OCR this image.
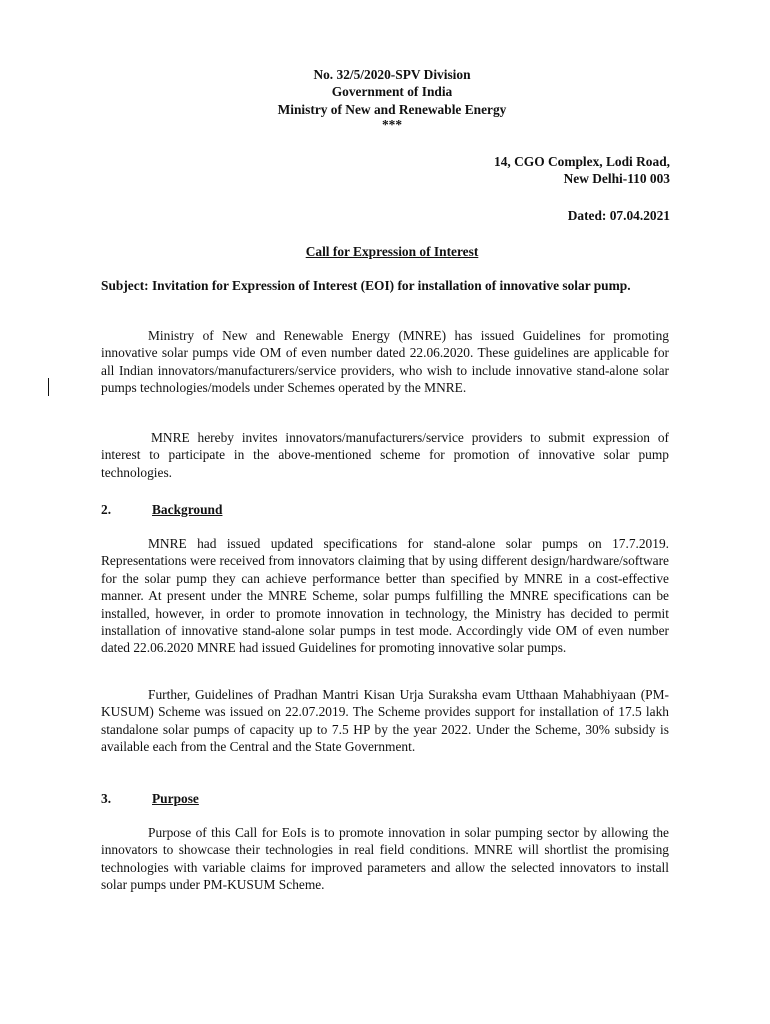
No. 32/5/2020-SPV Division
Government of India
Ministry of New and Renewable Energy
***
14, CGO Complex, Lodi Road,
New Delhi-110 003
Dated: 07.04.2021
Call for Expression of Interest
Subject: Invitation for Expression of Interest (EOI) for installation of innovative solar pump.

Ministry of New and Renewable Energy (MNRE) has issued Guidelines for promoting innovative solar pumps vide OM of even number dated 22.06.2020. These guidelines are applicable for all Indian innovators/manufacturers/service providers, who wish to include innovative stand-alone solar pumps technologies/models under Schemes operated by the MNRE.

MNRE hereby invites innovators/manufacturers/service providers to submit expression of interest to participate in the above-mentioned scheme for promotion of innovative solar pump technologies.

2.	Background

MNRE had issued updated specifications for stand-alone solar pumps on 17.7.2019. Representations were received from innovators claiming that by using different design/hardware/software for the solar pump they can achieve performance better than specified by MNRE in a cost-effective manner. At present under the MNRE Scheme, solar pumps fulfilling the MNRE specifications can be installed, however, in order to promote innovation in technology, the Ministry has decided to permit installation of innovative stand-alone solar pumps in test mode. Accordingly vide OM of even number dated 22.06.2020 MNRE had issued Guidelines for promoting innovative solar pumps.

Further, Guidelines of Pradhan Mantri Kisan Urja Suraksha evam Utthaan Mahabhiyaan (PM-KUSUM) Scheme was issued on 22.07.2019. The Scheme provides support for installation of 17.5 lakh standalone solar pumps of capacity up to 7.5 HP by the year 2022. Under the Scheme, 30% subsidy is available each from the Central and the State Government.

3.	Purpose

Purpose of this Call for EoIs is to promote innovation in solar pumping sector by allowing the innovators to showcase their technologies in real field conditions. MNRE will shortlist the promising technologies with variable claims for improved parameters and allow the selected innovators to install solar pumps under PM-KUSUM Scheme.
